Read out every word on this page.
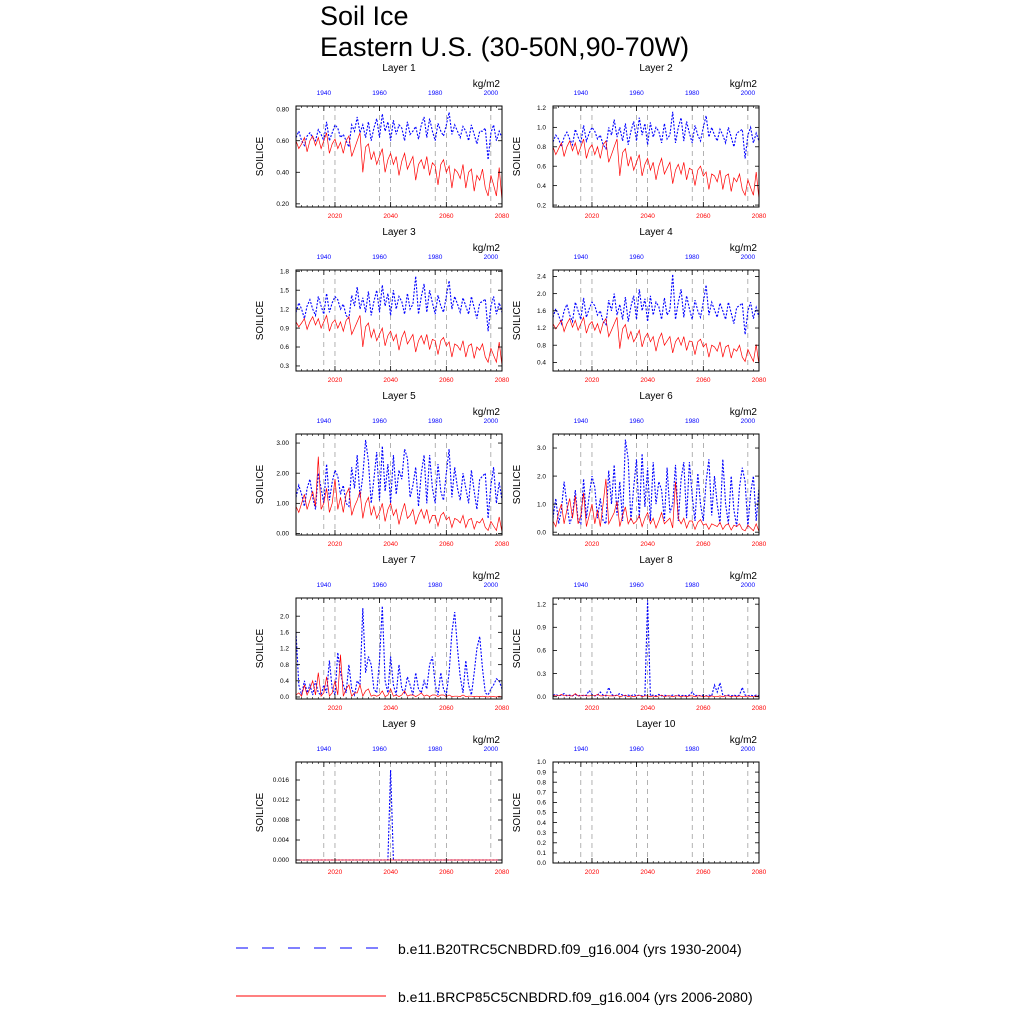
Soil Ice
Eastern U.S. (30-50N,90-70W)
Layer 1
kg/m2
SOILICE
0.20
0.40
0.60
0.80
2020	2040	2060	2080
1940	1960	1980	2000
Layer 2
kg/m2
SOILICE
0.2
0.4
0.6
0.8
1.0
1.2
2020	2040	2060	2080
1940	1960	1980	2000
Layer 3
kg/m2
SOILICE
0.3
0.6
0.9
1.2
1.5
1.8
2020	2040	2060	2080
1940	1960	1980	2000
Layer 4
kg/m2
SOILICE
0.4
0.8
1.2
1.6
2.0
2.4
2020	2040	2060	2080
1940	1960	1980	2000
Layer 5
kg/m2
SOILICE
0.00
1.00
2.00
3.00
2020	2040	2060	2080
1940	1960	1980	2000
Layer 6
kg/m2
SOILICE
0.0
1.0
2.0
3.0
2020	2040	2060	2080
1940	1960	1980	2000
Layer 7
kg/m2
SOILICE
0.0
0.4
0.8
1.2
1.6
2.0
2020	2040	2060	2080
1940	1960	1980	2000
Layer 8
kg/m2
SOILICE
0.0
0.3
0.6
0.9
1.2
2020	2040	2060	2080
1940	1960	1980	2000
Layer 9
kg/m2
SOILICE
0.000
0.004
0.008
0.012
0.016
2020	2040	2060	2080
1940	1960	1980	2000
Layer 10
kg/m2
SOILICE
0.0
0.1
0.2
0.3
0.4
0.5
0.6
0.7
0.8
0.9
1.0
2020	2040	2060	2080
1940	1960	1980	2000
b.e11.B20TRC5CNBDRD.f09_g16.004 (yrs 1930-2004)
b.e11.BRCP85C5CNBDRD.f09_g16.004 (yrs 2006-2080)
